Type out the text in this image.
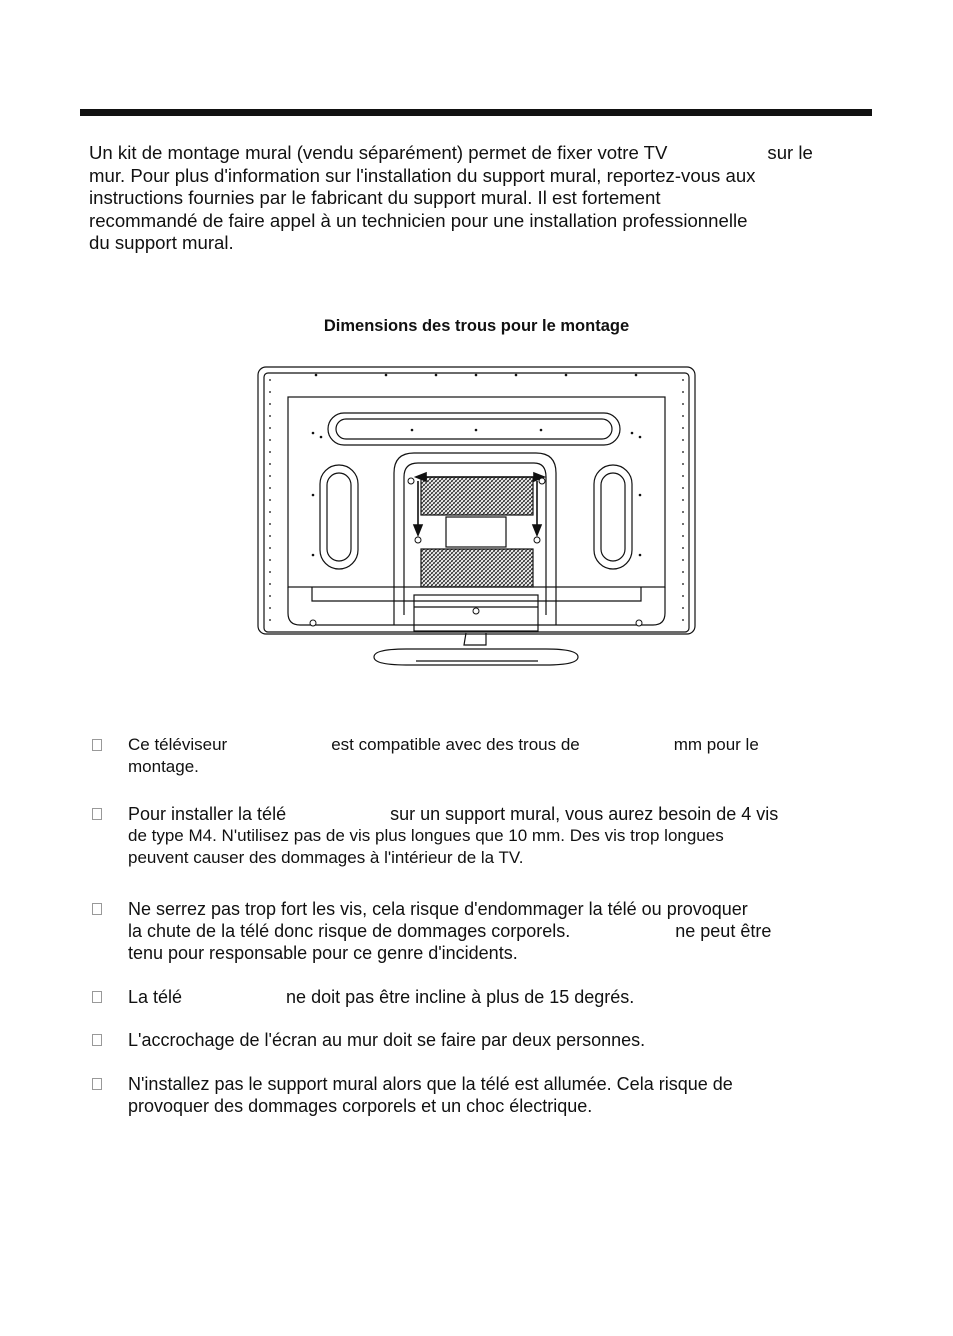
Un kit de montage mural (vendu séparément) permet de fixer votre TV	sur le
mur. Pour plus d'information sur l'installation du support mural, reportez-vous aux
instructions fournies par le fabricant du support mural. Il est fortement
recommandé de faire appel à un technicien pour une installation professionnelle
du support mural.
Dimensions des trous pour le montage
Ce téléviseur	est compatible avec des trous de	mm pour le
montage.
Pour installer la télé	sur un support mural, vous aurez besoin de 4 vis
de type M4. N'utilisez pas de vis plus longues que 10 mm. Des vis trop longues
peuvent causer des dommages à l'intérieur de la TV.
Ne serrez pas trop fort les vis, cela risque d'endommager la télé ou provoquer
la chute de la télé donc risque de dommages corporels.	ne peut être
tenu pour responsable pour ce genre d'incidents.
La télé	ne doit pas être incline à plus de 15 degrés.
L'accrochage de l'écran au mur doit se faire par deux personnes.
N'installez pas le support mural alors que la télé est allumée. Cela risque de
provoquer des dommages corporels et un choc électrique.
